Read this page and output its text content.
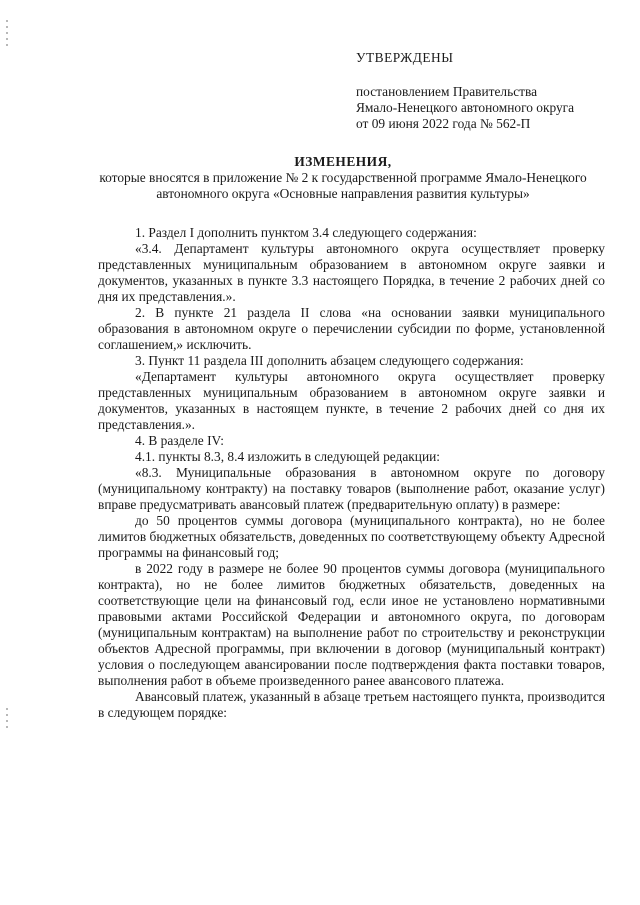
УТВЕРЖДЕНЫ
постановлением Правительства
Ямало-Ненецкого автономного округа
от 09 июня 2022 года № 562-П
ИЗМЕНЕНИЯ,
которые вносятся в приложение № 2 к государственной программе Ямало-Ненецкого автономного округа «Основные направления развития культуры»

1. Раздел I дополнить пунктом 3.4 следующего содержания:

«3.4. Департамент культуры автономного округа осуществляет проверку представленных муниципальным образованием в автономном округе заявки и документов, указанных в пункте 3.3 настоящего Порядка, в течение 2 рабочих дней со дня их представления.».

2. В пункте 21 раздела II слова «на основании заявки муниципального образования в автономном округе о перечислении субсидии по форме, установленной соглашением,» исключить.

3. Пункт 11 раздела III дополнить абзацем следующего содержания:

«Департамент культуры автономного округа осуществляет проверку представленных муниципальным образованием в автономном округе заявки и документов, указанных в настоящем пункте, в течение 2 рабочих дней со дня их представления.».

4. В разделе IV:

4.1. пункты 8.3, 8.4 изложить в следующей редакции:

«8.3. Муниципальные образования в автономном округе по договору (муниципальному контракту) на поставку товаров (выполнение работ, оказание услуг) вправе предусматривать авансовый платеж (предварительную оплату) в размере:

до 50 процентов суммы договора (муниципального контракта), но не более лимитов бюджетных обязательств, доведенных по соответствующему объекту Адресной программы на финансовый год;

в 2022 году в размере не более 90 процентов суммы договора (муниципального контракта), но не более лимитов бюджетных обязательств, доведенных на соответствующие цели на финансовый год, если иное не установлено нормативными правовыми актами Российской Федерации и автономного округа, по договорам (муниципальным контрактам) на выполнение работ по строительству и реконструкции объектов Адресной программы, при включении в договор (муниципальный контракт) условия о последующем авансировании после подтверждения факта поставки товаров, выполнения работ в объеме произведенного ранее авансового платежа.

Авансовый платеж, указанный в абзаце третьем настоящего пункта, производится в следующем порядке:
